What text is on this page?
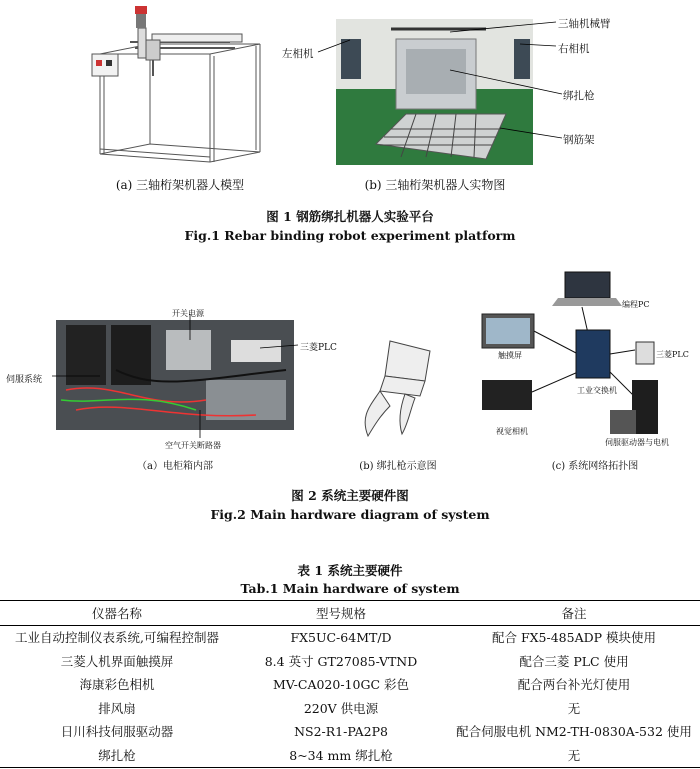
(a) 三轴桁架机器人模型
左相机
三轴机械臂
右相机
绑扎枪
钢筋架
(b) 三轴桁架机器人实物图
图 1 钢筋绑扎机器人实验平台
Fig.1 Rebar binding robot experiment platform
开关电源
伺服系统
三菱PLC
空气开关断路器
（a）电柜箱内部	(b) 绑扎枪示意图
编程PC
触摸屏	三菱PLC
工业交换机
视觉相机
伺服驱动器与电机
(c) 系统网络拓扑图
图 2 系统主要硬件图
Fig.2 Main hardware diagram of system
表 1 系统主要硬件
Tab.1 Main hardware of system
仪器名称	型号规格	备注
工业自动控制仪表系统,可编程控制器	FX5UC-64MT/D	配合 FX5-485ADP 模块使用
三菱人机界面触摸屏	8.4 英寸 GT27085-VTND	配合三菱 PLC 使用
海康彩色相机	MV-CA020-10GC 彩色	配合两台补光灯使用
排风扇	220V 供电源	无
日川科技伺服驱动器	NS2-R1-PA2P8	配合伺服电机 NM2-TH-0830A-532 使用
绑扎枪	8~34 mm 绑扎枪	无
